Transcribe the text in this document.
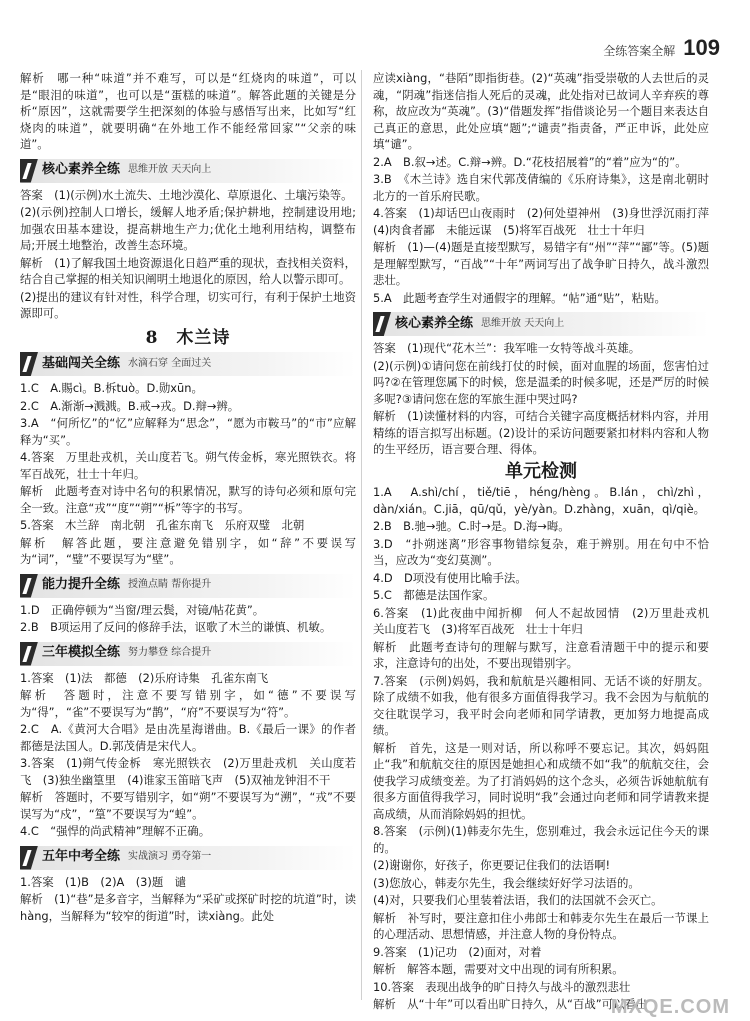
全练答案全解 109

解析　哪一种“味道”并不难写，可以是“红烧肉的味道”，可以是“眼泪的味道”，也可以是“蛋糕的味道”。解答此题的关键是分析“原因”，这就需要学生把深刻的体验与感悟写出来，比如写“红烧肉的味道”，就要明确“在外地工作不能经常回家”“父亲的味道”。

核心素养全练 思维开放 天天向上

答案　(1)(示例)水土流失、土地沙漠化、草原退化、土壤污染等。

(2)(示例)控制人口增长，缓解人地矛盾;保护耕地，控制建设用地;加强农田基本建设，提高耕地生产力;优化土地利用结构，调整布局;开展土地整治，改善生态环境。

解析　(1)了解我国土地资源退化日趋严重的现状，查找相关资料，结合自己掌握的相关知识阐明土地退化的原因，给人以警示即可。

(2)提出的建议有针对性，科学合理，切实可行，有利于保护土地资源即可。

8　木兰诗
基础闯关全练 水滴石穿 全面过关

1.C　A.賜cì。B.柝tuò。D.勋xūn。

2.C　A.渐渐→溅溅。B.戒→戎。D.辩→辨。

3.A　“何所忆”的“忆”应解释为“思念”，“愿为市鞍马”的“市”应解释为“买”。

4.答案　万里赴戎机，关山度若飞。朔气传金柝，寒光照铁衣。将军百战死，壮士十年归。

解析　此题考查对诗中名句的积累情况，默写的诗句必须和原句完全一致。注意“戎”“度”“朔”“柝”等字的书写。

5.答案　木兰辞　南北朝　孔雀东南飞　乐府双璧　北朝

解析　解答此题，要注意避免错别字，如“辞”不要误写为“词”，“璧”不要误写为“壁”。

能力提升全练 授渔点睛 帮你提升

1.D　正确停顿为“当窗/理云鬓，对镜/帖花黄”。

2.B　B项运用了反问的修辞手法，讴歌了木兰的谦慎、机敏。

三年模拟全练 努力攀登 综合提升

1.答案　(1)法　都德　(2)乐府诗集　孔雀东南飞

解析　答题时，注意不要写错别字，如“德”不要误写为“得”，“雀”不要误写为“鹊”，“府”不要误写为“符”。

2.C　A.《黄河大合唱》是由冼星海谱曲。B.《最后一课》的作者都德是法国人。D.郭茂倩是宋代人。

3.答案　(1)朔气传金柝　寒光照铁衣　(2)万里赴戎机　关山度若飞　(3)独坐幽篁里　(4)谁家玉笛暗飞声　(5)双袖龙钟泪不干

解析　答题时，不要写错别字，如“朔”不要误写为“溯”，“戎”不要误写为“戍”，“篁”不要误写为“蝗”。

4.C　“强悍的尚武精神”理解不正确。

五年中考全练 实战演习 勇夺第一

1.答案　(1)B　(2)A　(3)题　谴

解析　(1)“巷”是多音字，当解释为“采矿或探矿时挖的坑道”时，读hàng，当解释为“较窄的街道”时，读xiàng。此处

应读xiàng，“巷陌”即指街巷。(2)“英魂”指受崇敬的人去世后的灵魂，“阴魂”指迷信指人死后的灵魂，此处指对已故词人辛弃疾的尊称，故应改为“英魂”。(3)“借题发挥”指借谈论另一个题目来表达自己真正的意思，此处应填“题”;“谴责”指责备，严正申诉，此处应填“谴”。

2.A　B.叙→述。C.辩→辨。D.“花枝招展着”的“着”应为“的”。

3.B　《木兰诗》选自宋代郭茂倩编的《乐府诗集》，这是南北朝时北方的一首乐府民歌。

4.答案　(1)却话巴山夜雨时　(2)何处望神州　(3)身世浮沉雨打萍　(4)肉食者鄙　未能远谋　(5)将军百战死　壮士十年归

解析　(1)—(4)题是直接型默写，易错字有“州”“萍”“鄙”等。(5)题是理解型默写，“百战”“十年”两词写出了战争旷日持久，战斗激烈悲壮。

5.A　此题考查学生对通假字的理解。“帖”通“贴”，粘贴。

核心素养全练 思维开放 天天向上

答案　(1)现代“花木兰”：我军唯一女特等战斗英雄。

(2)(示例)①请问您在前线打仗的时候，面对血腥的场面，您害怕过吗?②在管理您属下的时候，您是温柔的时候多呢，还是严厉的时候多呢?③请问您在您的军旅生涯中哭过吗?

解析　(1)读懂材料的内容，可结合关键字高度概括材料内容，并用精练的语言拟写出标题。(2)设计的采访问题要紧扣材料内容和人物的生平经历，语言要合理、得体。

单元检测

1.A　A.shì/chí，tiě/tiē，héng/hèng。B.lán，chì/zhì，dàn/xián。C.jiā，qū/qǔ，yè/yàn。D.zhàng，xuān，qì/qiè。

2.B　B.驰→驰。C.时→是。D.海→晦。

3.D　“扑朔迷离”形容事物错综复杂，难于辨别。用在句中不恰当，应改为“变幻莫测”。

4.D　D项没有使用比喻手法。

5.C　都德是法国作家。

6.答案　(1)此夜曲中闻折柳　何人不起故园情　(2)万里赴戎机　关山度若飞　(3)将军百战死　壮士十年归

解析　此题考查诗句的理解与默写，注意看清题干中的提示和要求，注意诗句的出处，不要出现错别字。

7.答案　(示例)妈妈，我和航航是兴趣相同、无话不谈的好朋友。除了成绩不如我，他有很多方面值得我学习。我不会因为与航航的交往耽误学习，我平时会向老师和同学请教，更加努力地提高成绩。

解析　首先，这是一则对话，所以称呼不要忘记。其次，妈妈阻止“我”和航航交往的原因是她担心和成绩不如“我”的航航交往，会使我学习成绩变差。为了打消妈妈的这个念头，必须告诉她航航有很多方面值得我学习，同时说明“我”会通过向老师和同学请教来提高成绩，从而消除妈妈的担忧。

8.答案　(示例)(1)韩麦尔先生，您别难过，我会永远记住今天的课的。

(2)谢谢你，好孩子，你更要记住我们的法语啊!

(3)您放心，韩麦尔先生，我会继续好好学习法语的。

(4)对，只要我们心里装着法语，我们的法国就不会灭亡。

解析　补写时，要注意扣住小弗郎士和韩麦尔先生在最后一节课上的心理活动、思想情感，并注意人物的身份特点。

9.答案　(1)记功　(2)面对，对着

解析　解答本题，需要对文中出现的词有所积累。

10.答案　表现出战争的旷日持久与战斗的激烈悲壮

解析　从“十年”可以看出旷日持久，从“百战”可以看出

MXQE.COM
